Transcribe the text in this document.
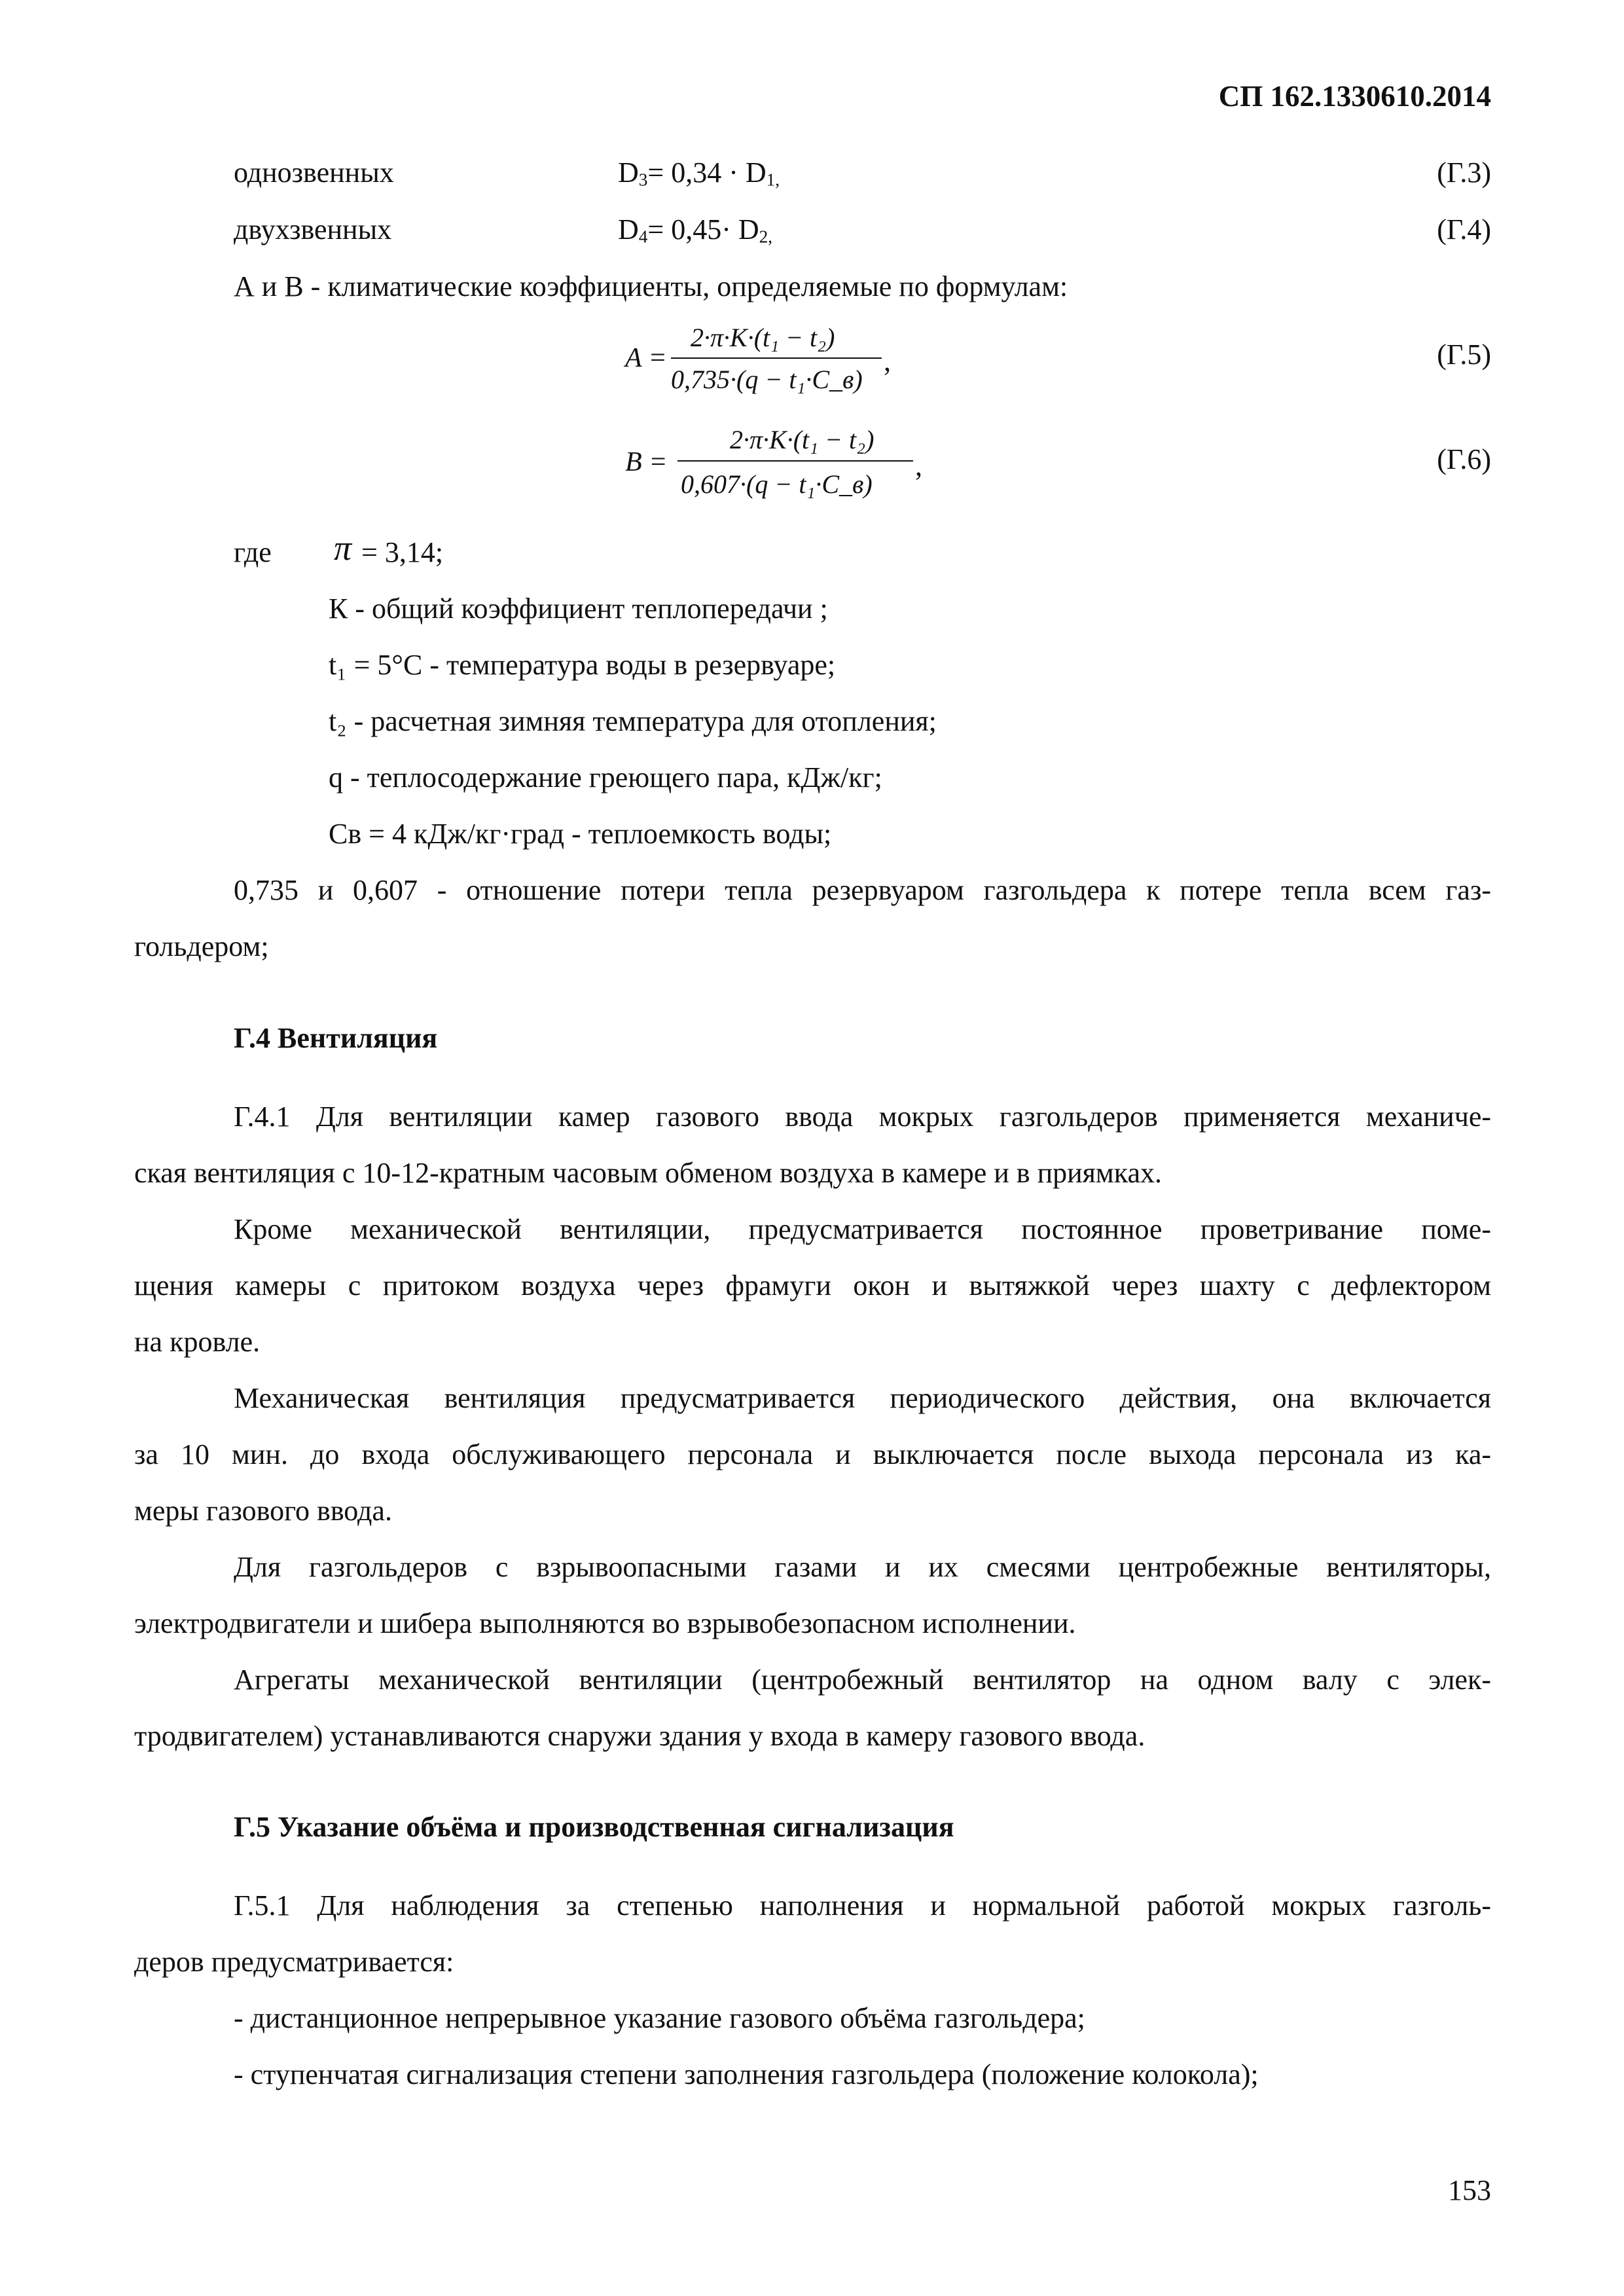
СП 162.1330610.2014
однозвенных	$D_3= 0,34 \cdot D_{1,}$	(Г.3)
двухзвенных	$D_4= 0,45\cdot D_{2,}$	(Г.4)
А и В - климатические коэффициенты, определяемые по формулам:

A =
2·π·K·(t₁ − t₂)
0,735·(q − t₁·C_в)
,	(Г.5)
B =
2·π·K·(t₁ − t₂)
0,607·(q − t₁·C_в)
,	(Г.6)
где π = 3,14;
К - общий коэффициент теплопередачи ;
t₁ = 5°С - температура воды в резервуаре;
t₂ - расчетная зимняя температура для отопления;
q - теплосодержание греющего пара, кДж/кг;
Св = 4 кДж/кг·град - теплоемкость воды;
0,735 и 0,607 - отношение потери тепла резервуаром газгольдера к потере тепла всем газ-
гольдером;
Г.4 Вентиляция
Г.4.1 Для вентиляции камер газового ввода мокрых газгольдеров применяется механиче-
ская вентиляция с 10-12-кратным часовым обменом воздуха в камере и в приямках.
Кроме механической вентиляции, предусматривается постоянное проветривание поме-
щения камеры с притоком воздуха через фрамуги окон и вытяжкой через шахту с дефлектором
на кровле.
Механическая вентиляция предусматривается периодического действия, она включается
за 10 мин. до входа обслуживающего персонала и выключается после выхода персонала из ка-
меры газового ввода.
Для газгольдеров с взрывоопасными газами и их смесями центробежные вентиляторы,
электродвигатели и шибера выполняются во взрывобезопасном исполнении.
Агрегаты механической вентиляции (центробежный вентилятор на одном валу с элек-
тродвигателем) устанавливаются снаружи здания у входа в камеру газового ввода.
Г.5 Указание объёма и производственная сигнализация
Г.5.1 Для наблюдения за степенью наполнения и нормальной работой мокрых газголь-
деров предусматривается:
- дистанционное непрерывное указание газового объёма газгольдера;
- ступенчатая сигнализация степени заполнения газгольдера (положение колокола);
153
